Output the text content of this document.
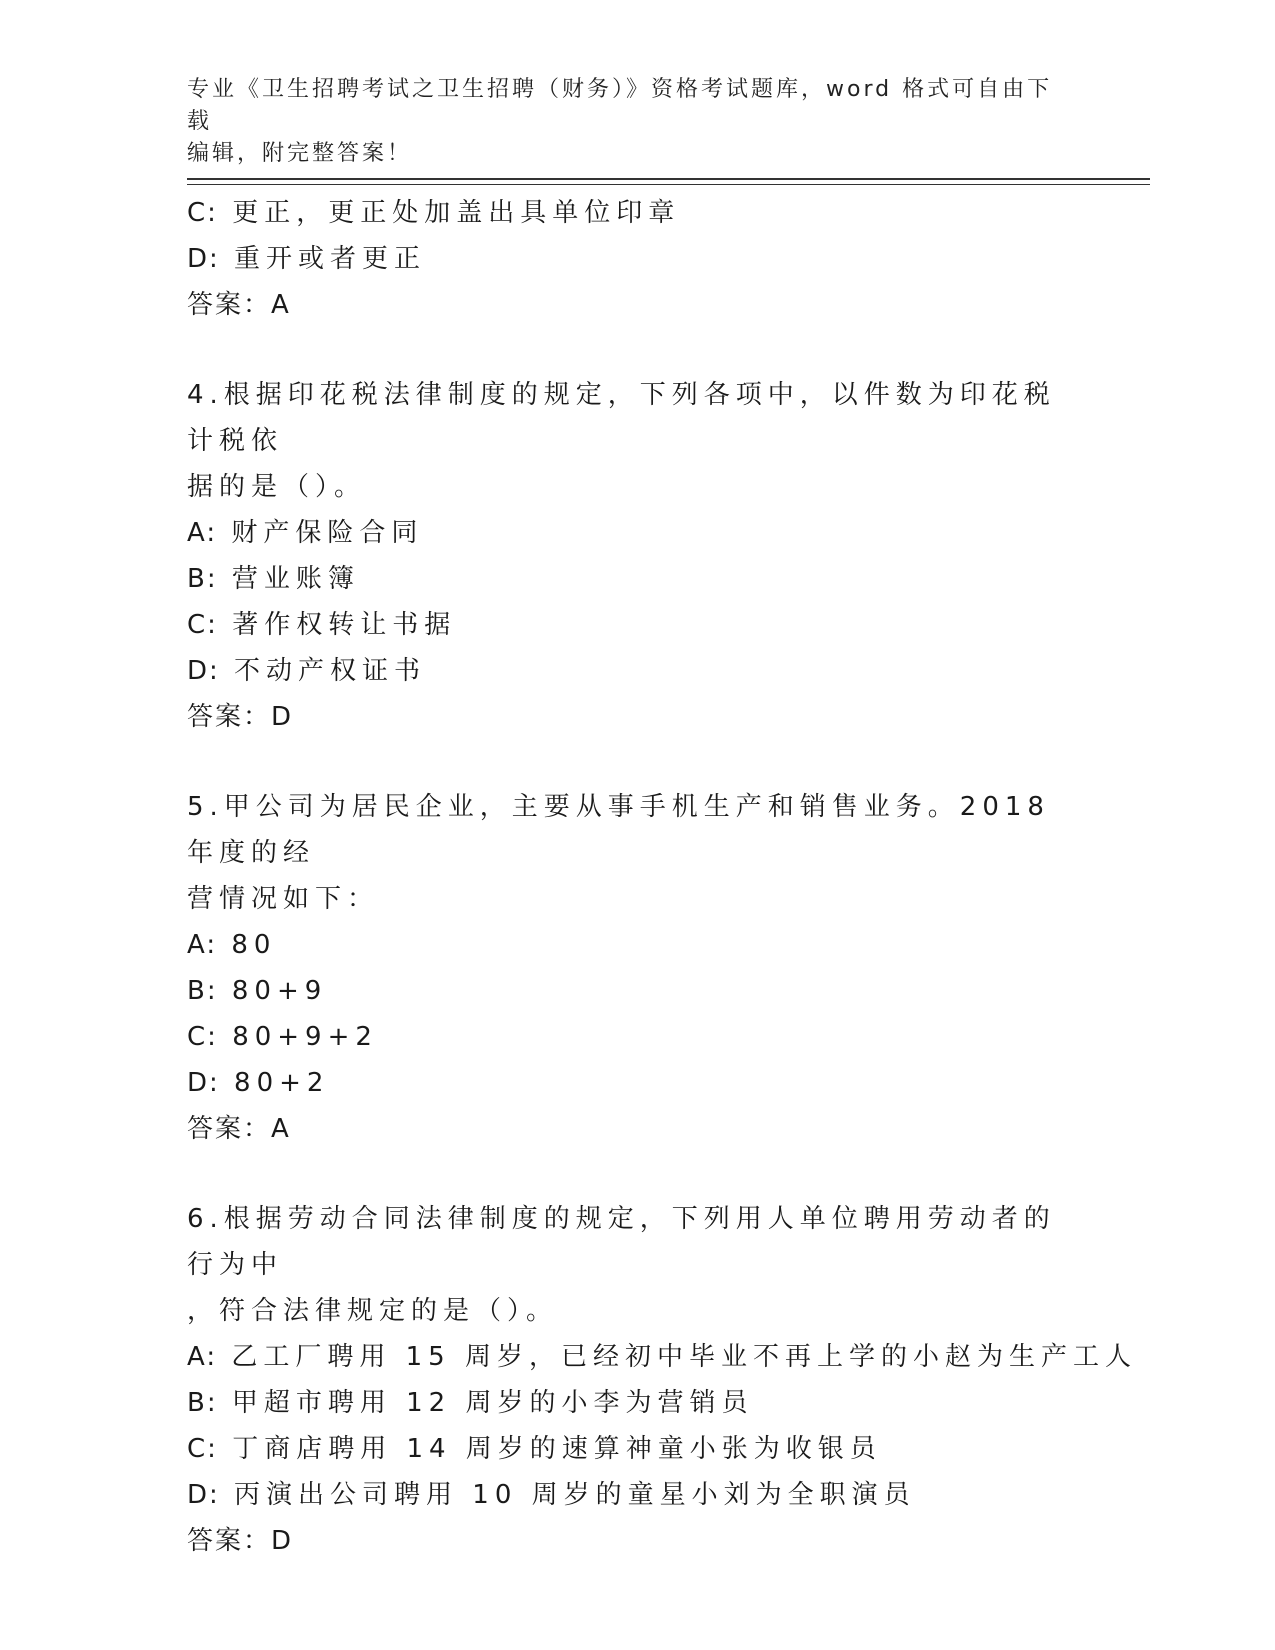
专业《卫生招聘考试之卫生招聘（财务）》资格考试题库，word 格式可自由下载
编辑，附完整答案！
C: 更正，更正处加盖出具单位印章
D: 重开或者更正
答案：A
4.根据印花税法律制度的规定，下列各项中，以件数为印花税计税依
据的是（）。
A: 财产保险合同
B: 营业账簿
C: 著作权转让书据
D: 不动产权证书
答案：D
5.甲公司为居民企业，主要从事手机生产和销售业务。2018 年度的经
营情况如下：
A: 80
B: 80+9
C: 80+9+2
D: 80+2
答案：A
6.根据劳动合同法律制度的规定，下列用人单位聘用劳动者的行为中
，符合法律规定的是（）。
A: 乙工厂聘用 15 周岁，已经初中毕业不再上学的小赵为生产工人
B: 甲超市聘用 12 周岁的小李为营销员
C: 丁商店聘用 14 周岁的速算神童小张为收银员
D: 丙演出公司聘用 10 周岁的童星小刘为全职演员
答案：D
